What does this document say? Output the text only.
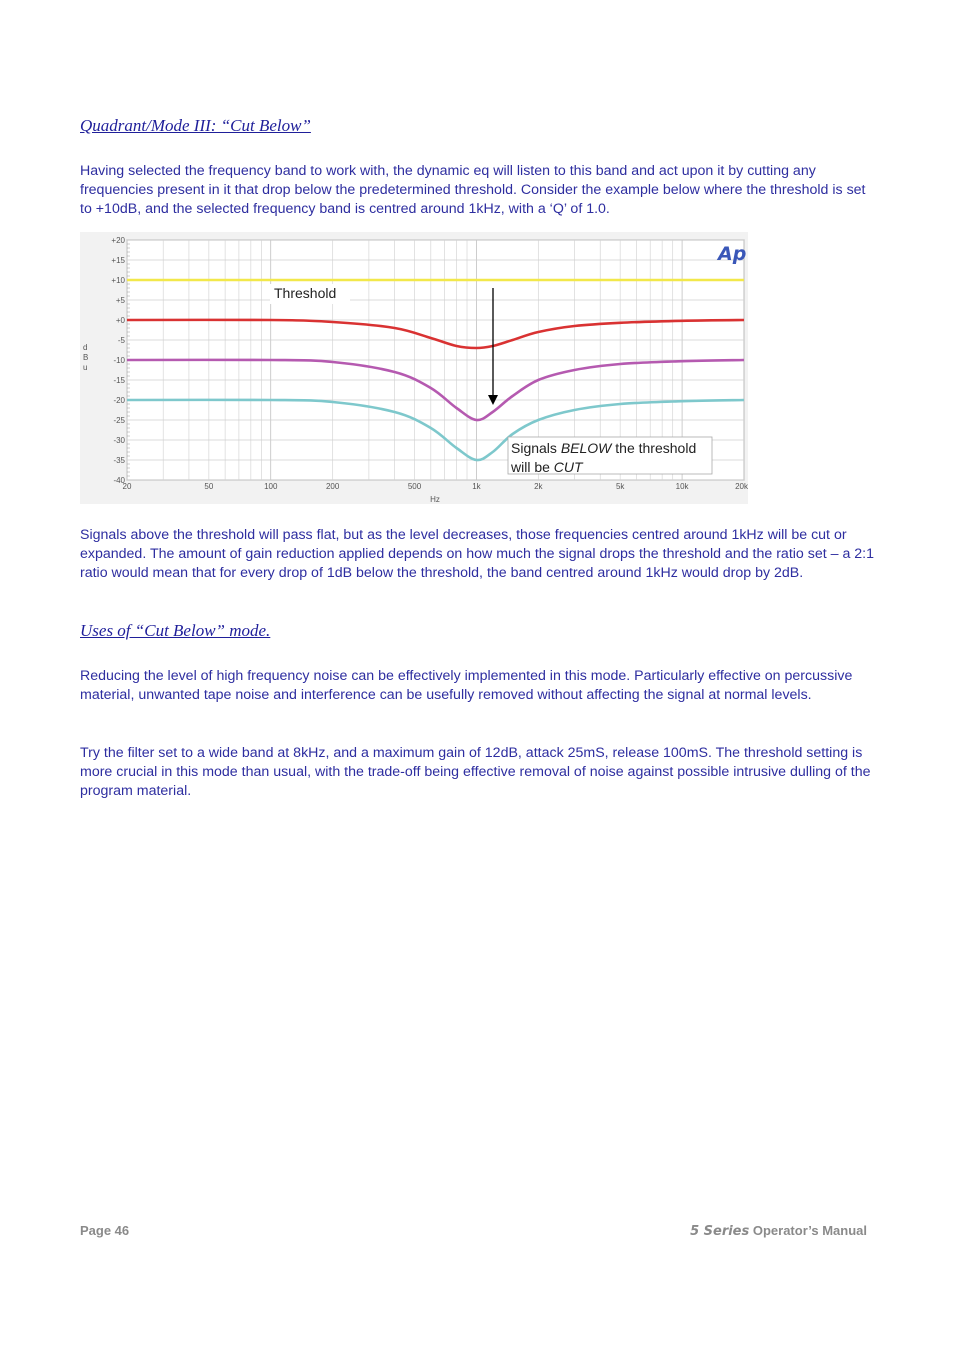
Quadrant/Mode III: “Cut Below”

Having selected the frequency band to work with, the dynamic eq will listen to this band and act upon it by cutting any frequencies present in it that drop below the predetermined threshold. Consider the example below where the threshold is set to +10dB, and the selected frequency band is centred around 1kHz, with a ‘Q’ of 1.0.

+20
+15
+10
+5
+0
-5
-10
-15
-20
-25
-30
-35
-40
20	50	100	200	500	1k	2k	5k	10k	20k
Threshold
Signals BELOW the threshold
will be CUT
Ap
Hz
d
B
u

Signals above the threshold will pass flat, but as the level decreases, those frequencies centred around 1kHz will be cut or expanded. The amount of gain reduction applied depends on how much the signal drops the threshold and the ratio set – a 2:1 ratio would mean that for every drop of 1dB below the threshold, the band centred around 1kHz would drop by 2dB.

Uses of “Cut Below” mode.

Reducing the level of high frequency noise can be effectively implemented in this mode. Particularly effective on percussive material, unwanted tape noise and interference can be usefully removed without affecting the signal at normal levels.

Try the filter set to a wide band at 8kHz, and a maximum gain of 12dB, attack 25mS, release 100mS. The threshold setting is more crucial in this mode than usual, with the trade-off being effective removal of noise against possible intrusive dulling of the program material.

Page 46	5 Series Operator’s Manual
